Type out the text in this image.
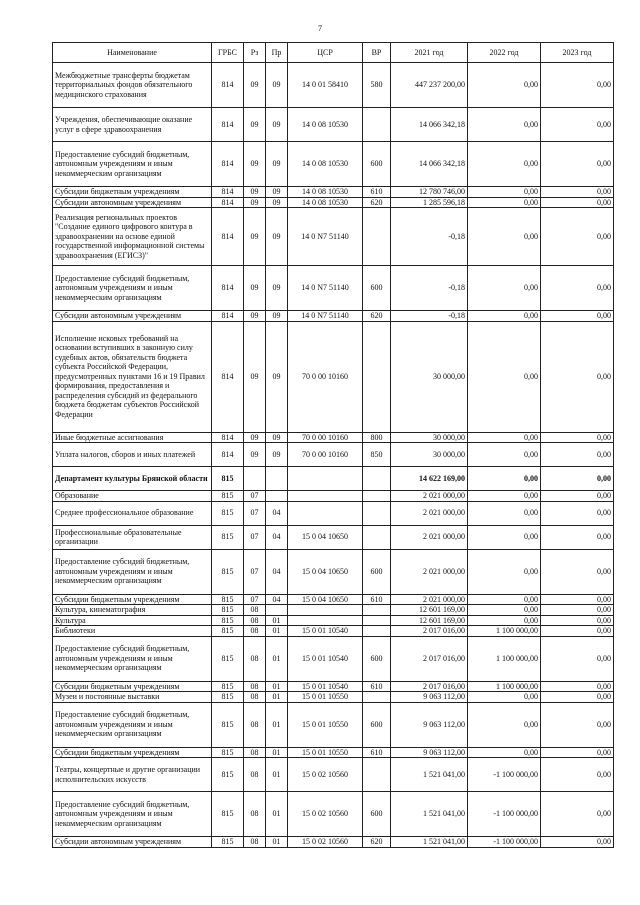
7
Наименование	ГРБС	Рз	Пр	ЦСР	ВР	2021 год	2022 год	2023 год
Межбюджетные трансферты бюджетам территориальных фондов обязательного медицинского страхования	814	09	09	14 0 01 58410	580	447 237 200,00	0,00	0,00
Учреждения, обеспечивающие оказание услуг в сфере здравоохранения	814	09	09	14 0 08 10530		14 066 342,18	0,00	0,00
Предоставление субсидий бюджетным, автономным учреждениям и иным некоммерческим организациям	814	09	09	14 0 08 10530	600	14 066 342,18	0,00	0,00
Субсидии бюджетным учреждениям	814	09	09	14 0 08 10530	610	12 780 746,00	0,00	0,00
Субсидии автономным учреждениям	814	09	09	14 0 08 10530	620	1 285 596,18	0,00	0,00
Реализация региональных проектов "Создание единого цифрового контура в здравоохранении на основе единой государственной информационной системы здравоохранения (ЕГИСЗ)"	814	09	09	14 0 N7 51140		-0,18	0,00	0,00
Предоставление субсидий бюджетным, автономным учреждениям и иным некоммерческим организациям	814	09	09	14 0 N7 51140	600	-0,18	0,00	0,00
Субсидии автономным учреждениям	814	09	09	14 0 N7 51140	620	-0,18	0,00	0,00
Исполнение исковых требований на основании вступивших в законную силу судебных актов, обязательств бюджета субъекта Российской Федерации, предусмотренных пунктами 16 и 19 Правил формирования, предоставления и распределения субсидий из федерального бюджета бюджетам субъектов Российской Федерации	814	09	09	70 0 00 10160		30 000,00	0,00	0,00
Иные бюджетные ассигнования	814	09	09	70 0 00 10160	800	30 000,00	0,00	0,00
Уплата налогов, сборов и иных платежей	814	09	09	70 0 00 10160	850	30 000,00	0,00	0,00
Департамент культуры Брянской области	815					14 622 169,00	0,00	0,00
Образование	815	07				2 021 000,00	0,00	0,00
Среднее профессиональное образование	815	07	04			2 021 000,00	0,00	0,00
Профессиональные образовательные организации	815	07	04	15 0 04 10650		2 021 000,00	0,00	0,00
Предоставление субсидий бюджетным, автономным учреждениям и иным некоммерческим организациям	815	07	04	15 0 04 10650	600	2 021 000,00	0,00	0,00
Субсидии бюджетным учреждениям	815	07	04	15 0 04 10650	610	2 021 000,00	0,00	0,00
Культура, кинематография	815	08				12 601 169,00	0,00	0,00
Культура	815	08	01			12 601 169,00	0,00	0,00
Библиотеки	815	08	01	15 0 01 10540		2 017 016,00	1 100 000,00	0,00
Предоставление субсидий бюджетным, автономным учреждениям и иным некоммерческим организациям	815	08	01	15 0 01 10540	600	2 017 016,00	1 100 000,00	0,00
Субсидии бюджетным учреждениям	815	08	01	15 0 01 10540	610	2 017 016,00	1 100 000,00	0,00
Музеи и постоянные выставки	815	08	01	15 0 01 10550		9 063 112,00	0,00	0,00
Предоставление субсидий бюджетным, автономным учреждениям и иным некоммерческим организациям	815	08	01	15 0 01 10550	600	9 063 112,00	0,00	0,00
Субсидии бюджетным учреждениям	815	08	01	15 0 01 10550	610	9 063 112,00	0,00	0,00
Театры, концертные и другие организации исполнительских искусств	815	08	01	15 0 02 10560		1 521 041,00	-1 100 000,00	0,00
Предоставление субсидий бюджетным, автономным учреждениям и иным некоммерческим организациям	815	08	01	15 0 02 10560	600	1 521 041,00	-1 100 000,00	0,00
Субсидии автономным учреждениям	815	08	01	15 0 02 10560	620	1 521 041,00	-1 100 000,00	0,00
